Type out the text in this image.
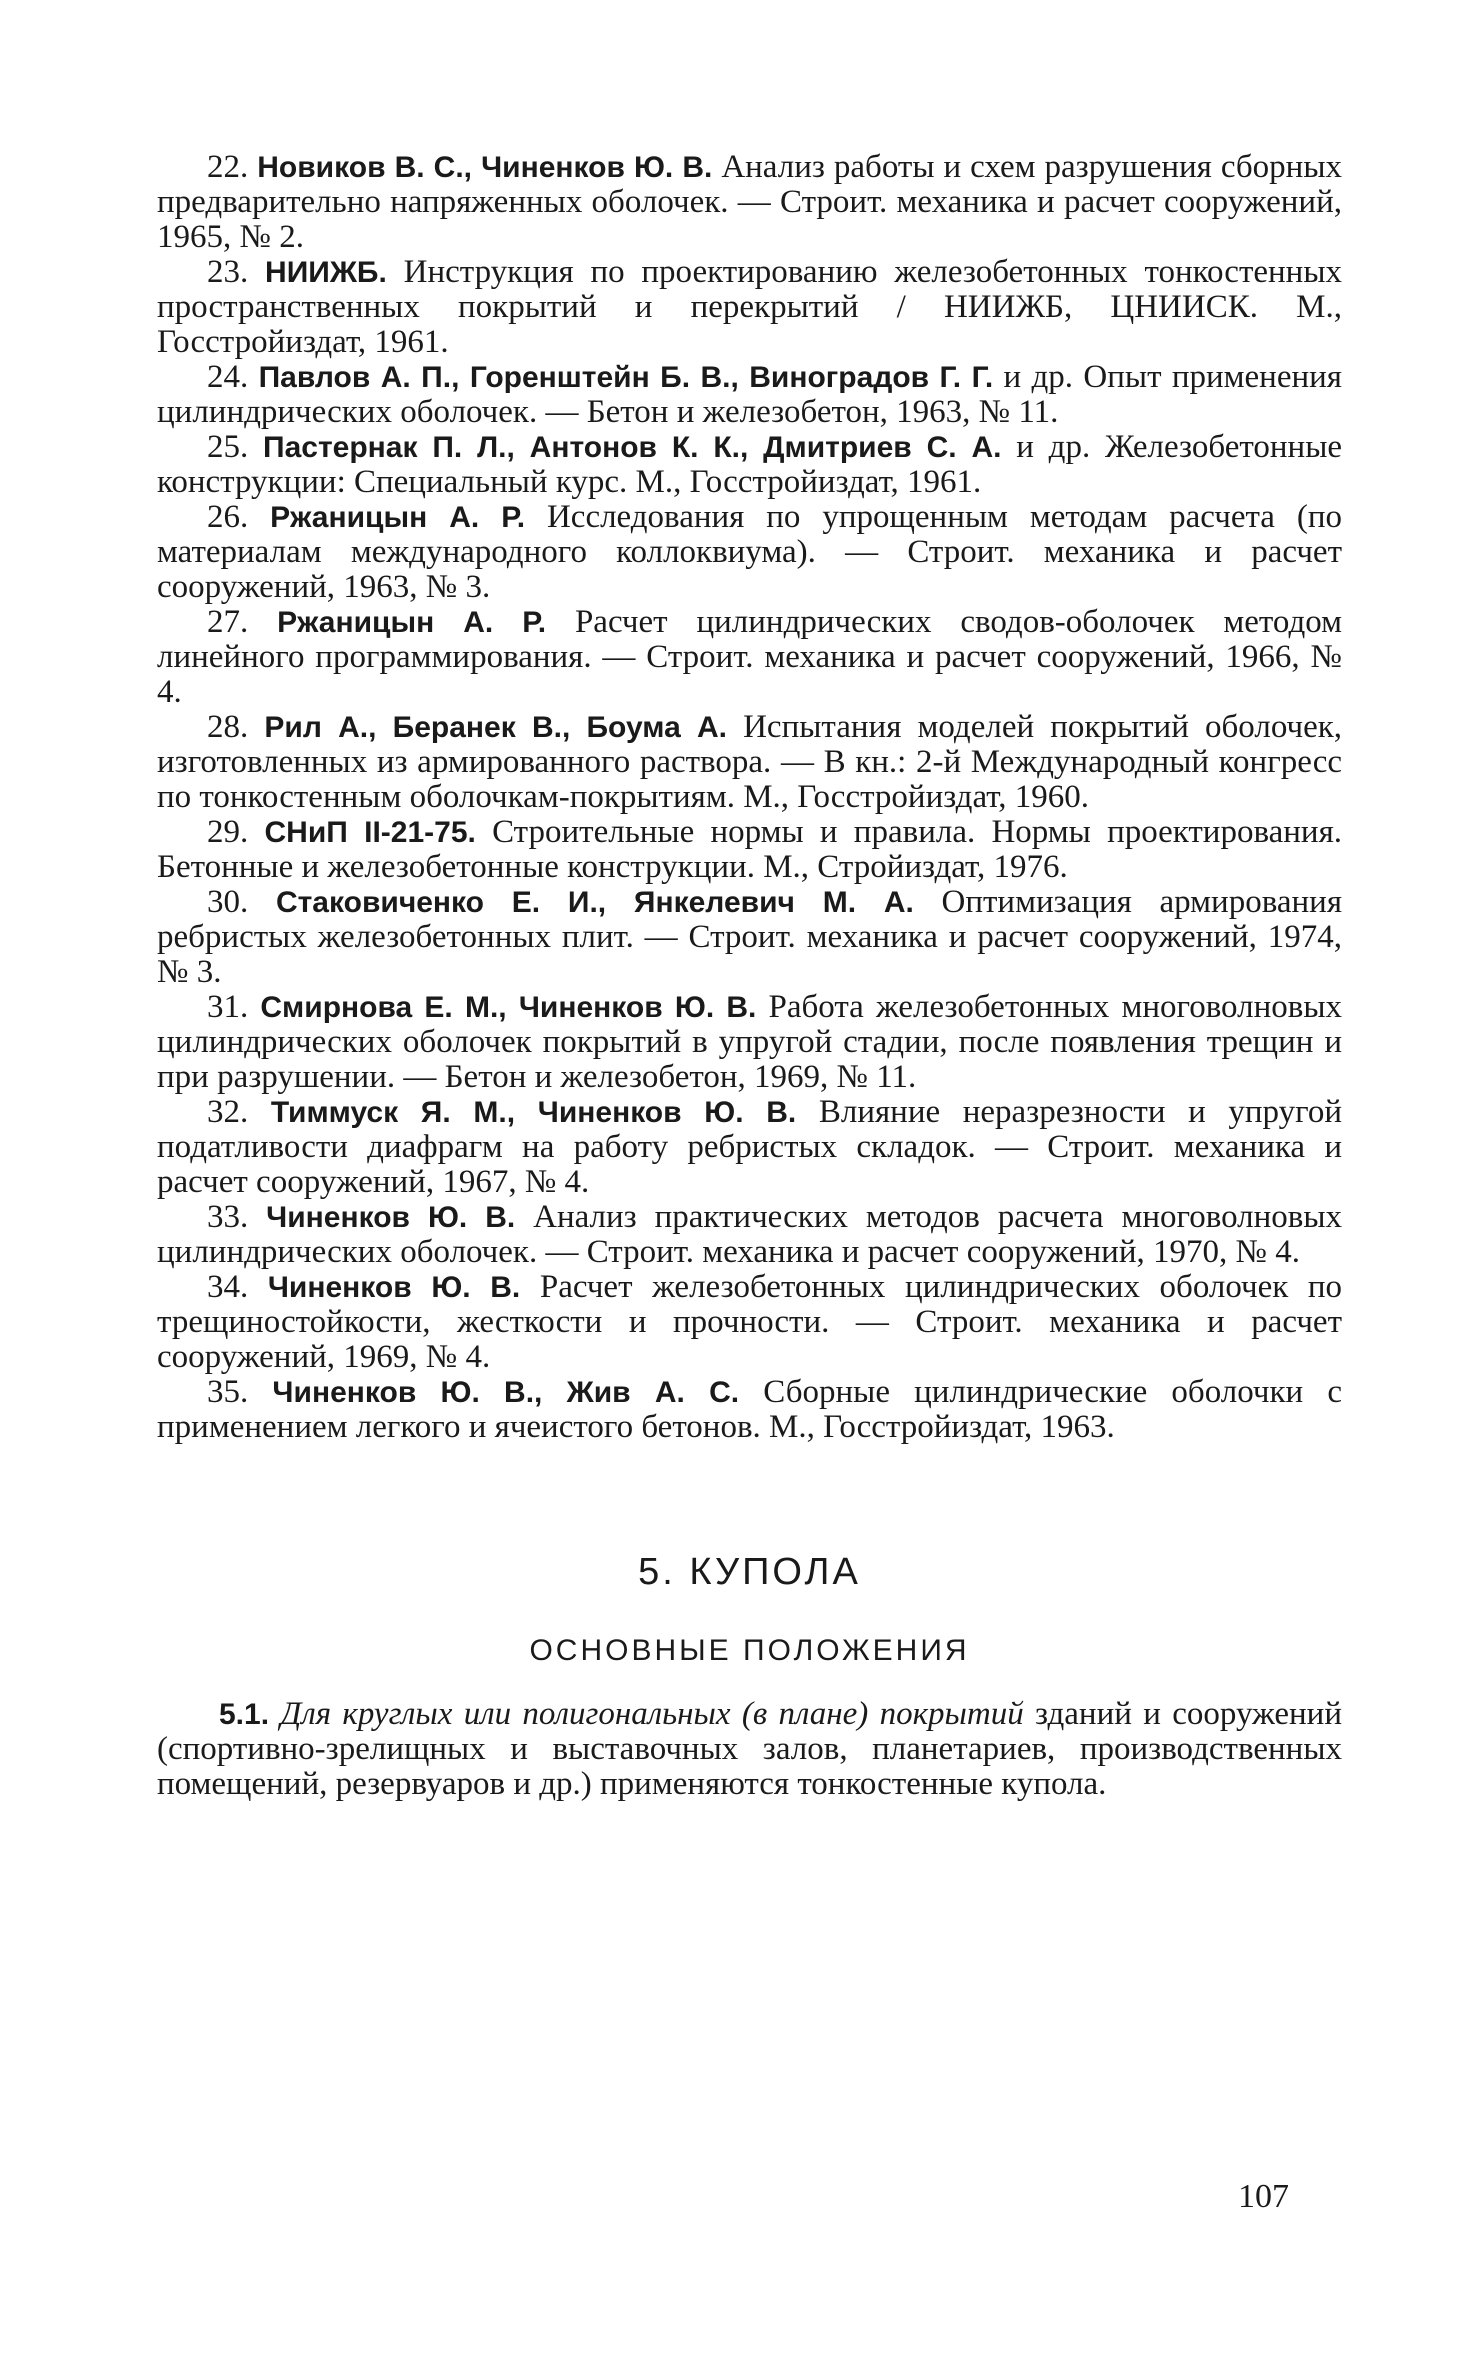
22. Новиков В. С., Чиненков Ю. В. Анализ работы и схем разрушения сборных предварительно напряженных оболочек. — Строит. механика и расчет сооружений, 1965, № 2.

23. НИИЖБ. Инструкция по проектированию железобетонных тонкостенных пространственных покрытий и перекрытий / НИИЖБ, ЦНИИСК. М., Госстройиздат, 1961.

24. Павлов А. П., Горенштейн Б. В., Виноградов Г. Г. и др. Опыт применения цилиндрических оболочек. — Бетон и железобетон, 1963, № 11.

25. Пастернак П. Л., Антонов К. К., Дмитриев С. А. и др. Железобетонные конструкции: Специальный курс. М., Госстройиздат, 1961.

26. Ржаницын А. Р. Исследования по упрощенным методам расчета (по материалам международного коллоквиума). — Строит. механика и расчет сооружений, 1963, № 3.

27. Ржаницын А. Р. Расчет цилиндрических сводов-оболочек методом линейного программирования. — Строит. механика и расчет сооружений, 1966, № 4.

28. Рил А., Беранек В., Боума А. Испытания моделей покрытий оболочек, изготовленных из армированного раствора. — В кн.: 2-й Международный конгресс по тонкостенным оболочкам-покрытиям. М., Госстройиздат, 1960.

29. СНиП II-21-75. Строительные нормы и правила. Нормы проектирования. Бетонные и железобетонные конструкции. М., Стройиздат, 1976.

30. Стаковиченко Е. И., Янкелевич М. А. Оптимизация армирования ребристых железобетонных плит. — Строит. механика и расчет сооружений, 1974, № 3.

31. Смирнова Е. М., Чиненков Ю. В. Работа железобетонных многоволновых цилиндрических оболочек покрытий в упругой стадии, после появления трещин и при разрушении. — Бетон и железобетон, 1969, № 11.

32. Тиммуск Я. М., Чиненков Ю. В. Влияние неразрезности и упругой податливости диафрагм на работу ребристых складок. — Строит. механика и расчет сооружений, 1967, № 4.

33. Чиненков Ю. В. Анализ практических методов расчета многоволновых цилиндрических оболочек. — Строит. механика и расчет сооружений, 1970, № 4.

34. Чиненков Ю. В. Расчет железобетонных цилиндрических оболочек по трещиностойкости, жесткости и прочности. — Строит. механика и расчет сооружений, 1969, № 4.

35. Чиненков Ю. В., Жив А. С. Сборные цилиндрические оболочки с применением легкого и ячеистого бетонов. М., Госстройиздат, 1963.

5. КУПОЛА
ОСНОВНЫЕ ПОЛОЖЕНИЯ

5.1. Для круглых или полигональных (в плане) покрытий зданий и сооружений (спортивно-зрелищных и выставочных залов, планетариев, производственных помещений, резервуаров и др.) применяются тонкостенные купола.

107
